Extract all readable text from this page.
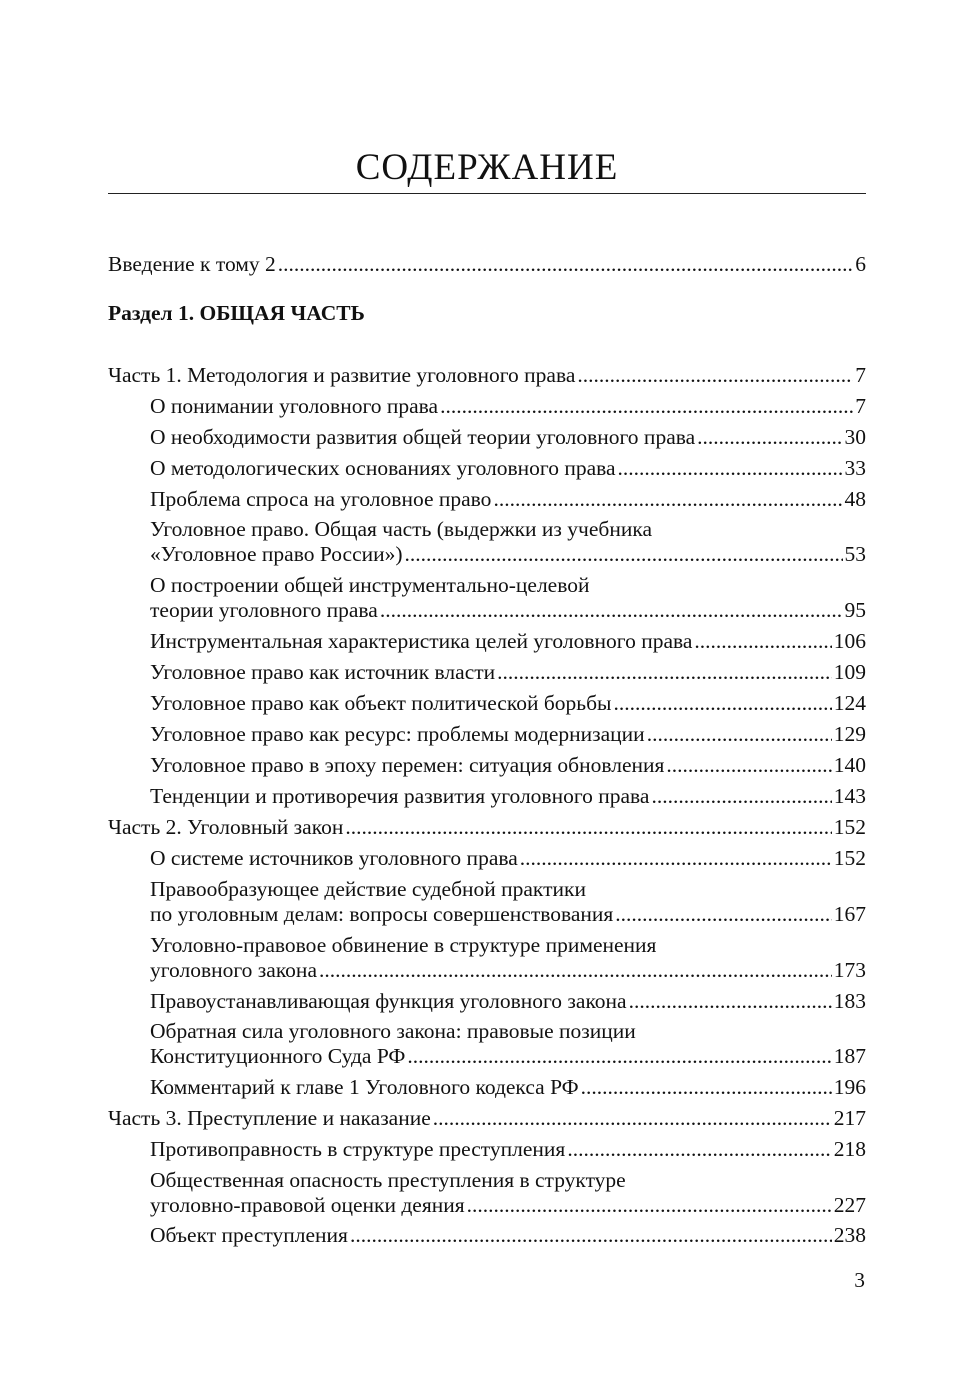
СОДЕРЖАНИЕ
Введение к тому 2 .....	6
Раздел 1. ОБЩАЯ ЧАСТЬ
Часть 1. Методология и развитие уголовного права .....	7
О понимании уголовного права .....	7
О необходимости развития общей теории уголовного права .....	30
О методологических основаниях уголовного права .....	33
Проблема спроса на уголовное право .....	48
Уголовное право. Общая часть (выдержки из учебника
«Уголовное право России») .....	53
О построении общей инструментально-целевой
теории уголовного права .....	95
Инструментальная характеристика целей уголовного права .....	106
Уголовное право как источник власти .....	109
Уголовное право как объект политической борьбы .....	124
Уголовное право как ресурс: проблемы модернизации .....	129
Уголовное право в эпоху перемен: ситуация обновления .....	140
Тенденции и противоречия развития уголовного права .....	143
Часть 2. Уголовный закон .....	152
О системе источников уголовного права .....	152
Правообразующее действие судебной практики
по уголовным делам: вопросы совершенствования .....	167
Уголовно-правовое обвинение в структуре применения
уголовного закона .....	173
Правоустанавливающая функция уголовного закона .....	183
Обратная сила уголовного закона: правовые позиции
Конституционного Суда РФ .....	187
Комментарий к главе 1 Уголовного кодекса РФ .....	196
Часть 3. Преступление и наказание .....	217
Противоправность в структуре преступления .....	218
Общественная опасность преступления в структуре
уголовно-правовой оценки деяния .....	227
Объект преступления .....	238
3
